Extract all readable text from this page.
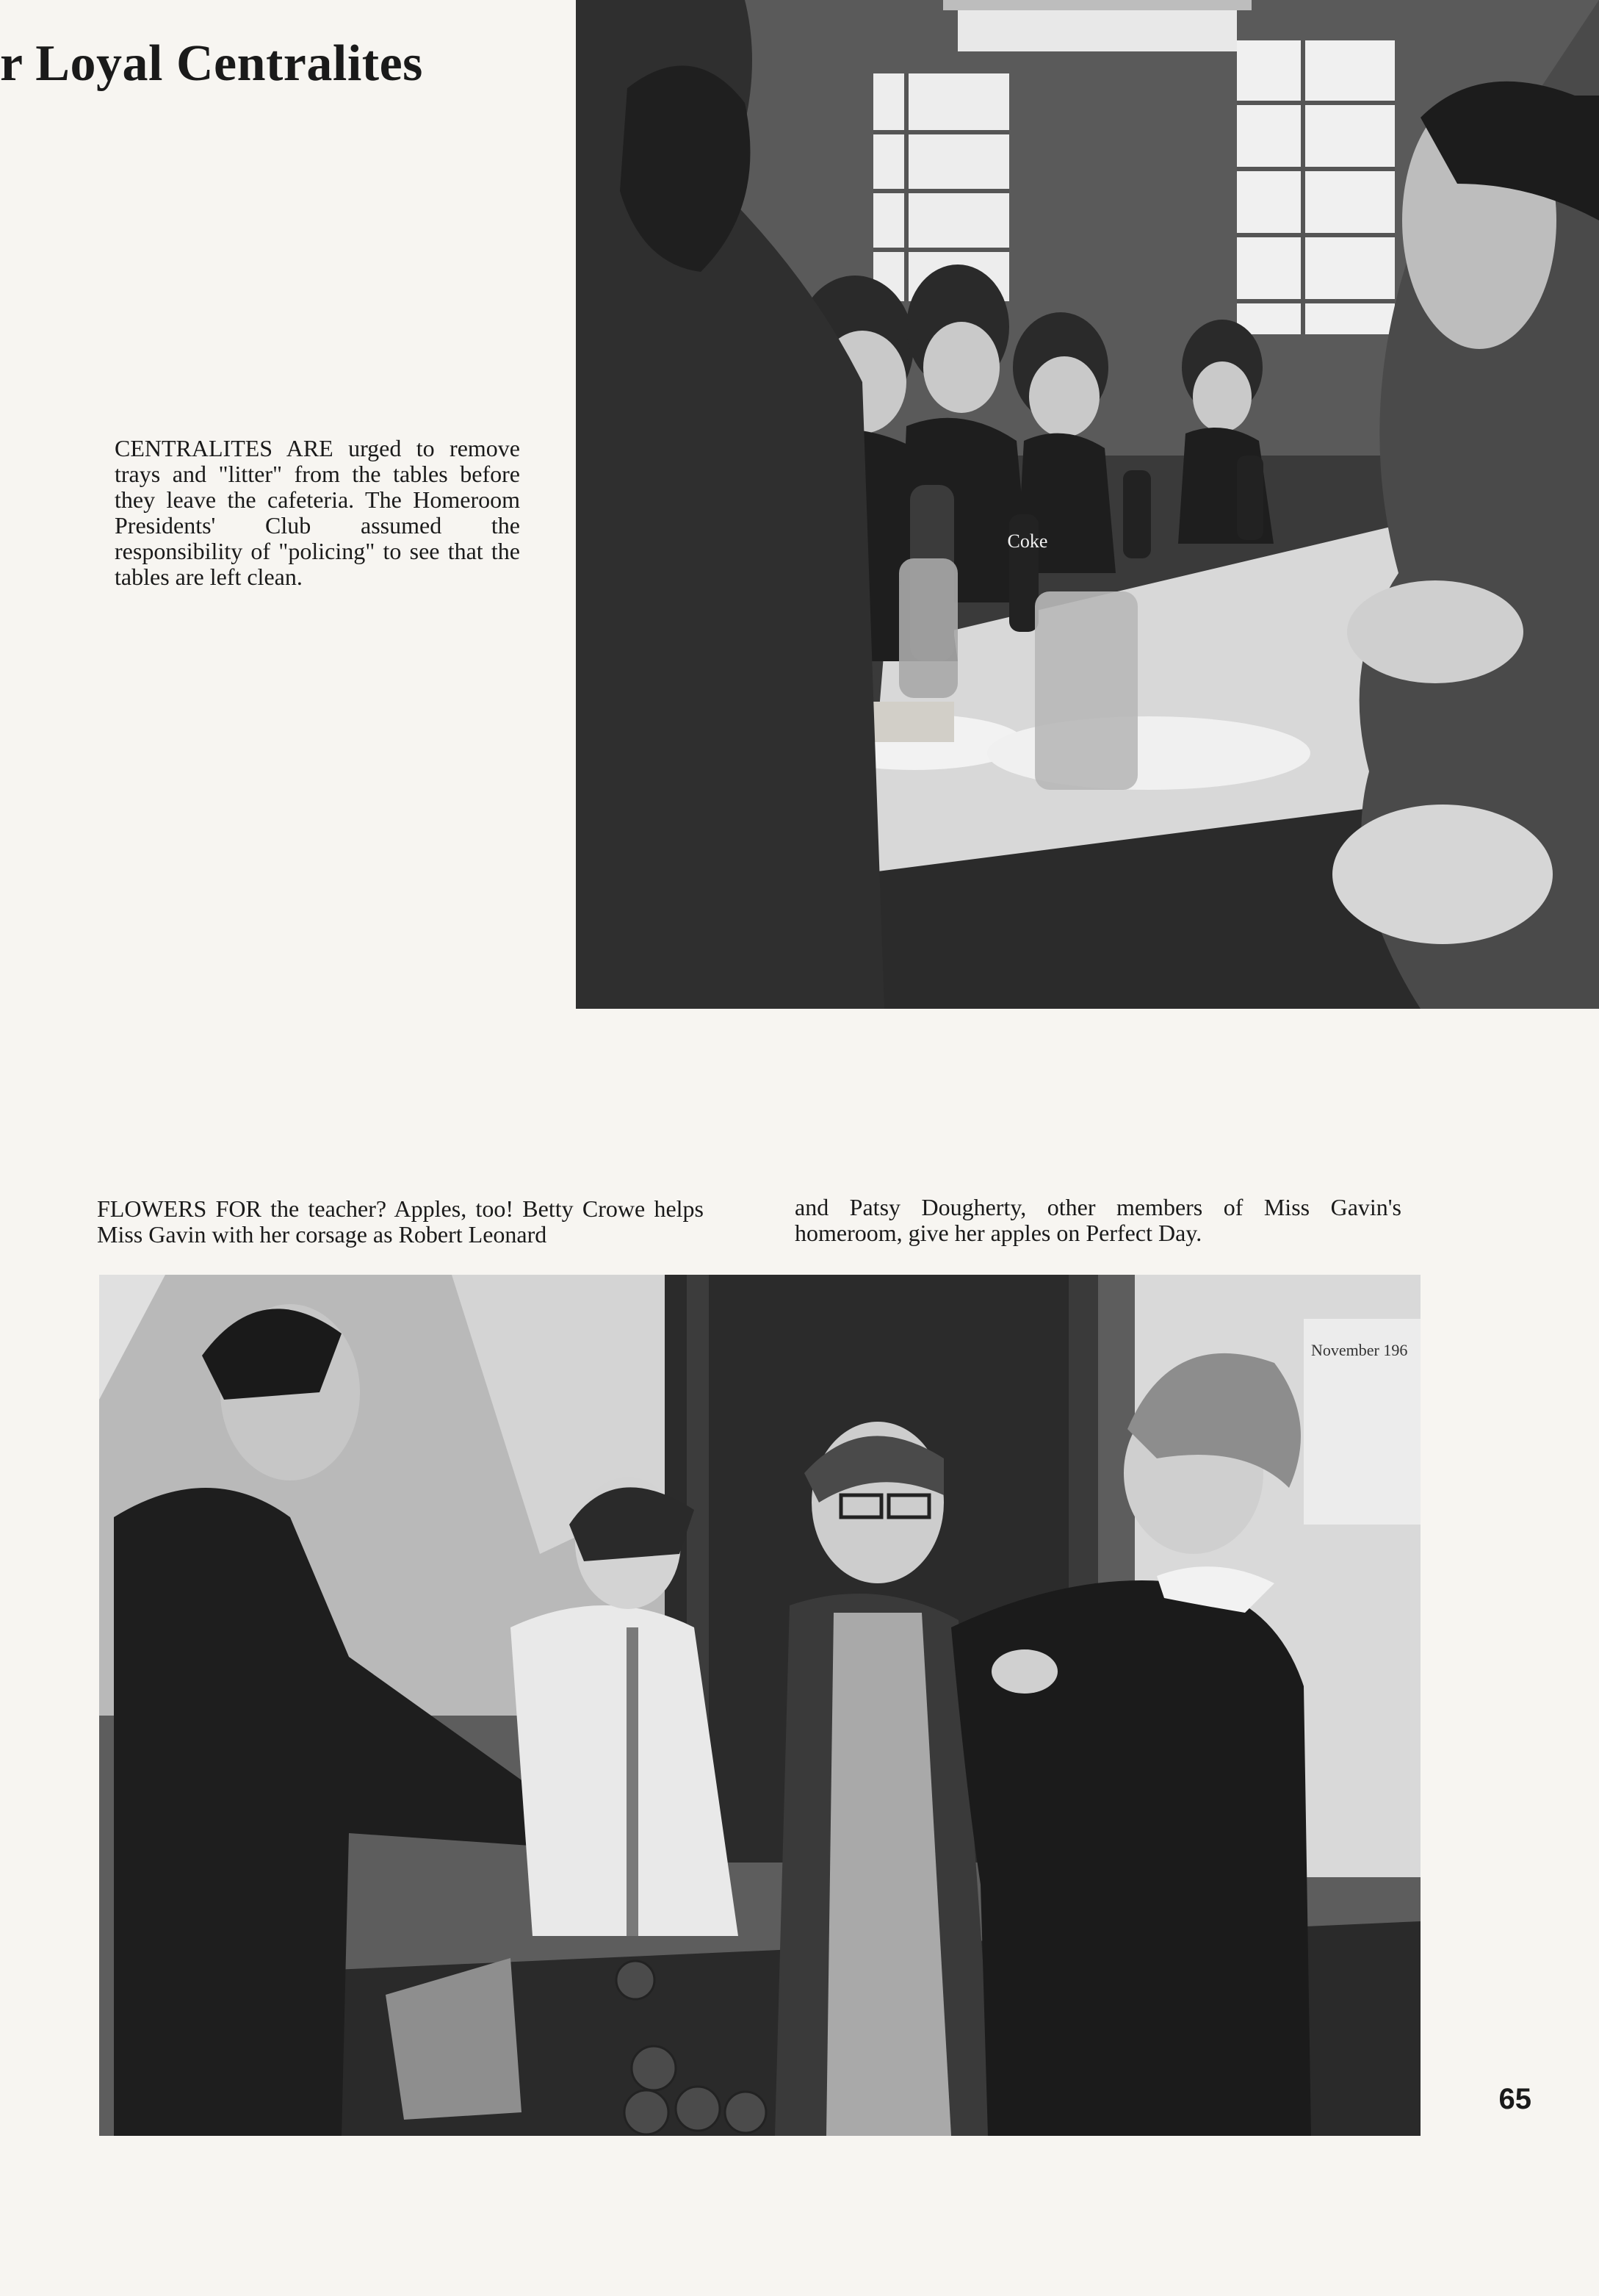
r Loyal Centralites

CENTRALITES ARE urged to remove trays and "litter" from the tables before they leave the cafeteria. The Homeroom Presidents' Club assumed the responsibility of "policing" to see that the tables are left clean.

Coke

FLOWERS FOR the teacher? Apples, too! Betty Crowe helps Miss Gavin with her corsage as Robert Leonard

and Patsy Dougherty, other members of Miss Gavin's homeroom, give her apples on Perfect Day.

November 196

65
